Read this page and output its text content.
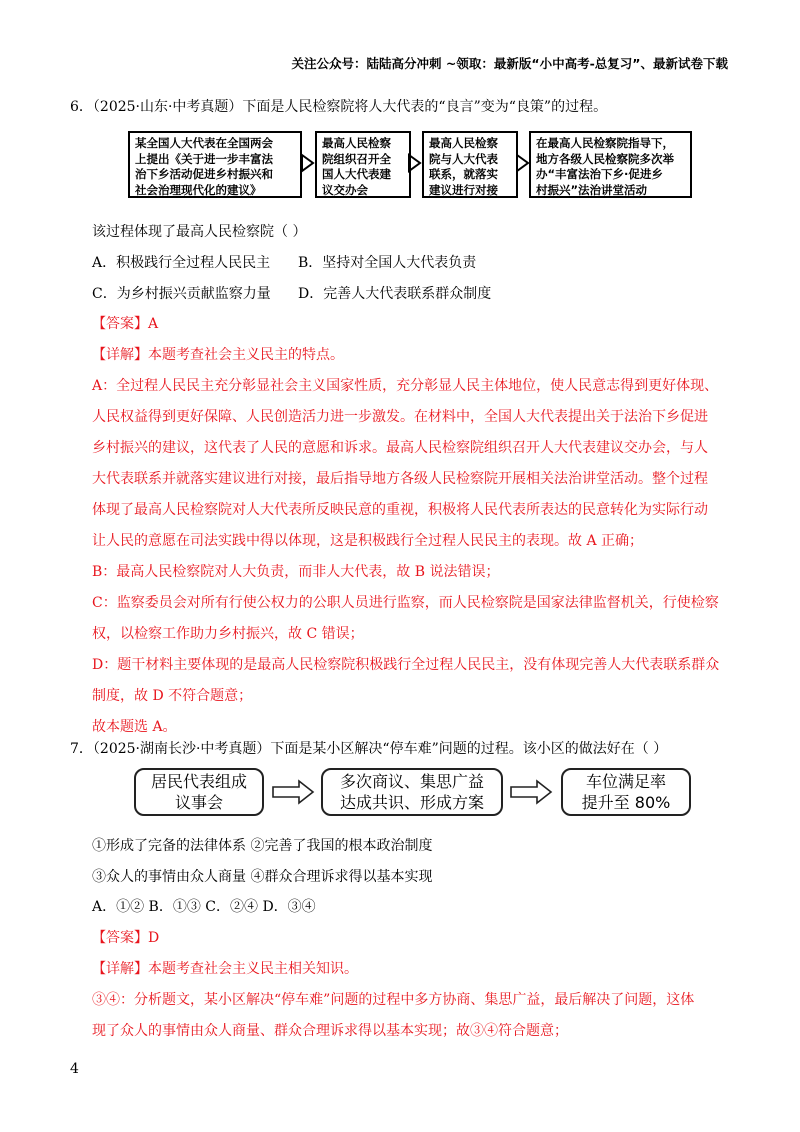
关注公众号：陆陆高分冲刺 ~领取：最新版“小中高考-总复习”、最新试卷下载
6．（2025·山东·中考真题）下面是人民检察院将人大代表的“良言”变为“良策”的过程。
某全国人大代表在全国两会
上提出《关于进一步丰富法
治下乡活动促进乡村振兴和
社会治理现代化的建议》
最高人民检察
院组织召开全
国人大代表建
议交办会
最高人民检察
院与人大代表
联系，就落实
建议进行对接
在最高人民检察院指导下，
地方各级人民检察院多次举
办“丰富法治下乡·促进乡
村振兴”法治讲堂活动
该过程体现了最高人民检察院（ ）
A．积极践行全过程人民民主 B．坚持对全国人大代表负责
C．为乡村振兴贡献监察力量 D．完善人大代表联系群众制度
【答案】A
【详解】本题考查社会主义民主的特点。
A：全过程人民民主充分彰显社会主义国家性质，充分彰显人民主体地位，使人民意志得到更好体现、
人民权益得到更好保障、人民创造活力进一步激发。在材料中，全国人大代表提出关于法治下乡促进
乡村振兴的建议，这代表了人民的意愿和诉求。最高人民检察院组织召开人大代表建议交办会，与人
大代表联系并就落实建议进行对接，最后指导地方各级人民检察院开展相关法治讲堂活动。整个过程
体现了最高人民检察院对人大代表所反映民意的重视，积极将人民代表所表达的民意转化为实际行动
让人民的意愿在司法实践中得以体现，这是积极践行全过程人民民主的表现。故 A 正确；
B：最高人民检察院对人大负责，而非人大代表，故 B 说法错误；
C：监察委员会对所有行使公权力的公职人员进行监察，而人民检察院是国家法律监督机关，行使检察
权，以检察工作助力乡村振兴，故 C 错误；
D：题干材料主要体现的是最高人民检察院积极践行全过程人民民主，没有体现完善人大代表联系群众
制度，故 D 不符合题意；
故本题选 A。
7．（2025·湖南长沙·中考真题）下面是某小区解决“停车难”问题的过程。该小区的做法好在（ ）
居民代表组成
议事会
多次商议、集思广益
达成共识、形成方案
车位满足率
提升至 80%
①形成了完备的法律体系 ②完善了我国的根本政治制度
③众人的事情由众人商量 ④群众合理诉求得以基本实现
A．①② B．①③ C．②④ D．③④
【答案】D
【详解】本题考查社会主义民主相关知识。
③④：分析题文，某小区解决“停车难”问题的过程中多方协商、集思广益，最后解决了问题，这体
现了众人的事情由众人商量、群众合理诉求得以基本实现；故③④符合题意；
4
